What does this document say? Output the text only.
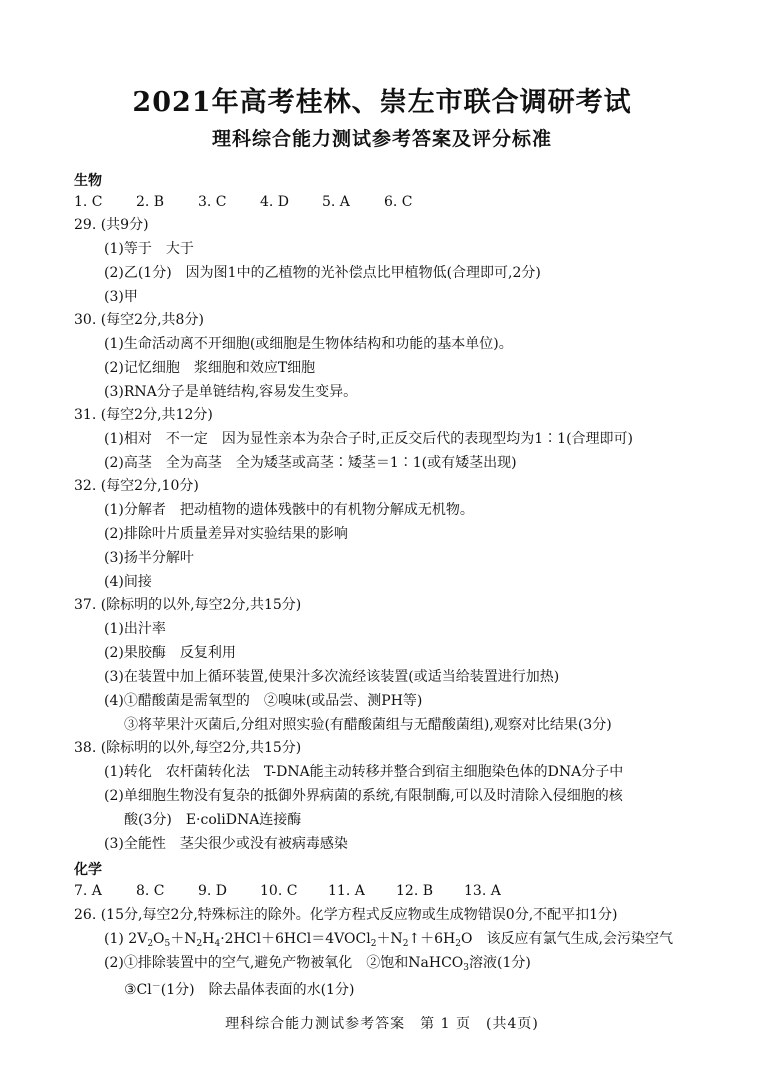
2021年高考桂林、崇左市联合调研考试
理科综合能力测试参考答案及评分标准
生物
1. C 2. B 3. C 4. D 5. A 6. C
29. (共9分)
(1)等于　大于
(2)乙(1分)　因为图1中的乙植物的光补偿点比甲植物低(合理即可,2分)
(3)甲
30. (每空2分,共8分)
(1)生命活动离不开细胞(或细胞是生物体结构和功能的基本单位)。
(2)记忆细胞　浆细胞和效应T细胞
(3)RNA分子是单链结构,容易发生变异。
31. (每空2分,共12分)
(1)相对　不一定　因为显性亲本为杂合子时,正反交后代的表现型均为1∶1(合理即可)
(2)高茎　全为高茎　全为矮茎或高茎∶矮茎＝1∶1(或有矮茎出现)
32. (每空2分,10分)
(1)分解者　把动植物的遗体残骸中的有机物分解成无机物。
(2)排除叶片质量差异对实验结果的影响
(3)扬半分解叶
(4)间接
37. (除标明的以外,每空2分,共15分)
(1)出汁率
(2)果胶酶　反复利用
(3)在装置中加上循环装置,使果汁多次流经该装置(或适当给装置进行加热)
(4)①醋酸菌是需氧型的　②嗅味(或品尝、测PH等)
③将苹果汁灭菌后,分组对照实验(有醋酸菌组与无醋酸菌组),观察对比结果(3分)
38. (除标明的以外,每空2分,共15分)
(1)转化　农杆菌转化法　T-DNA能主动转移并整合到宿主细胞染色体的DNA分子中
(2)单细胞生物没有复杂的抵御外界病菌的系统,有限制酶,可以及时清除入侵细胞的核
酸(3分)　E·coliDNA连接酶
(3)全能性　茎尖很少或没有被病毒感染
化学
7. A 8. C 9. D 10. C 11. A 12. B 13. A
26. (15分,每空2分,特殊标注的除外。化学方程式反应物或生成物错误0分,不配平扣1分)
(1) $2V_2O_5+N_2H_4\cdot 2HCl+6HCl=4VOCl_2+N_2↑+6H_2O$　该反应有氯气生成,会污染空气
(2)①排除装置中的空气,避免产物被氧化　②饱和NaHCO$_3$溶液(1分)
③Cl－(1分)　除去晶体表面的水(1分)
理科综合能力测试参考答案　第 1 页　(共4页)
